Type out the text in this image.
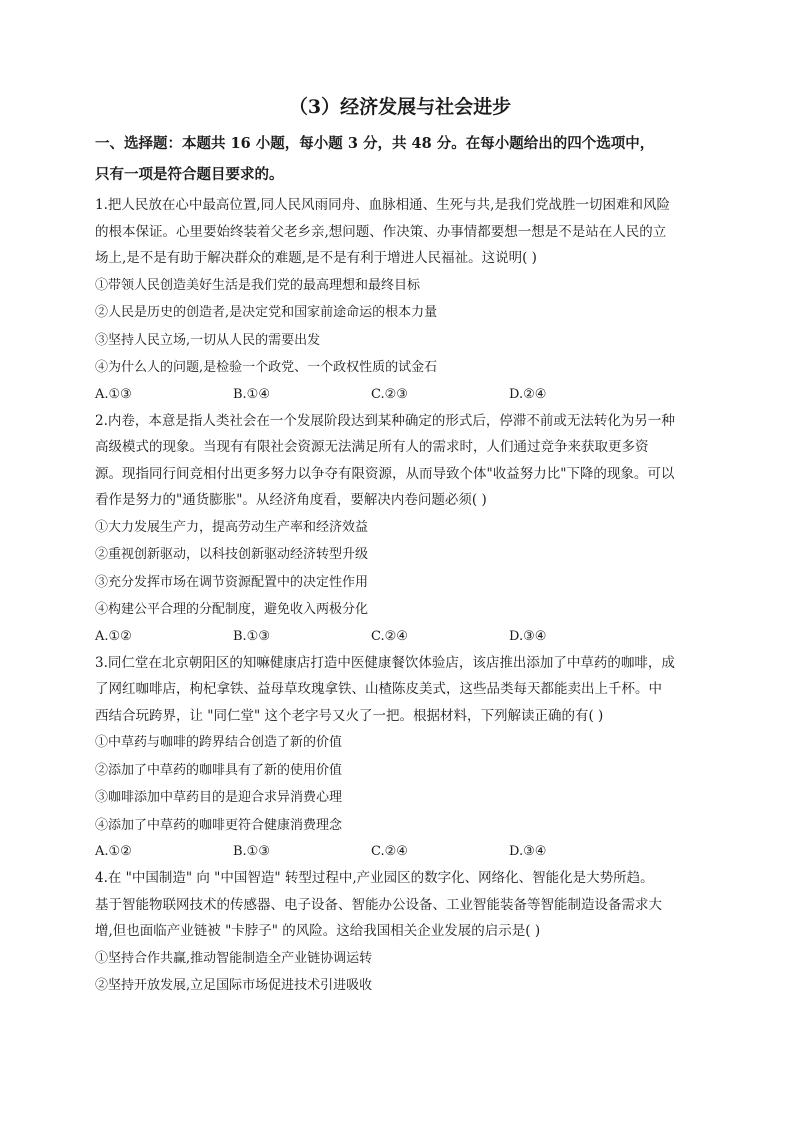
（3）经济发展与社会进步

一、选择题：本题共 16 小题，每小题 3 分，共 48 分。在每小题给出的四个选项中，

只有一项是符合题目要求的。

1.把人民放在心中最高位置,同人民风雨同舟、血脉相通、生死与共,是我们党战胜一切困难和风险

的根本保证。心里要始终装着父老乡亲,想问题、作决策、办事情都要想一想是不是站在人民的立

场上,是不是有助于解决群众的难题,是不是有利于增进人民福祉。这说明( )

①带领人民创造美好生活是我们党的最高理想和最终目标

②人民是历史的创造者,是决定党和国家前途命运的根本力量

③坚持人民立场,一切从人民的需要出发

④为什么人的问题,是检验一个政党、一个政权性质的试金石

A.①③	B.①④	C.②③	D.②④

2.内卷，本意是指人类社会在一个发展阶段达到某种确定的形式后，停滞不前或无法转化为另一种

高级模式的现象。当现有有限社会资源无法满足所有人的需求时，人们通过竞争来获取更多资

源。现指同行间竞相付出更多努力以争夺有限资源，从而导致个体"收益努力比"下降的现象。可以

看作是努力的"通货膨胀"。从经济角度看，要解决内卷问题必须( )

①大力发展生产力，提高劳动生产率和经济效益

②重视创新驱动，以科技创新驱动经济转型升级

③充分发挥市场在调节资源配置中的决定性作用

④构建公平合理的分配制度，避免收入两极分化

A.①②	B.①③	C.②④	D.③④

3.同仁堂在北京朝阳区的知嘛健康店打造中医健康餐饮体验店，该店推出添加了中草药的咖啡，成

了网红咖啡店，枸杞拿铁、益母草玫瑰拿铁、山楂陈皮美式，这些品类每天都能卖出上千杯。中

西结合玩跨界，让 "同仁堂" 这个老字号又火了一把。根据材料，下列解读正确的有( )

①中草药与咖啡的跨界结合创造了新的价值

②添加了中草药的咖啡具有了新的使用价值

③咖啡添加中草药目的是迎合求异消费心理

④添加了中草药的咖啡更符合健康消费理念

A.①②	B.①③	C.②④	D.③④

4.在 "中国制造" 向 "中国智造" 转型过程中,产业园区的数字化、网络化、智能化是大势所趋。

基于智能物联网技术的传感器、电子设备、智能办公设备、工业智能装备等智能制造设备需求大

增,但也面临产业链被 "卡脖子" 的风险。这给我国相关企业发展的启示是( )

①坚持合作共赢,推动智能制造全产业链协调运转

②坚持开放发展,立足国际市场促进技术引进吸收
